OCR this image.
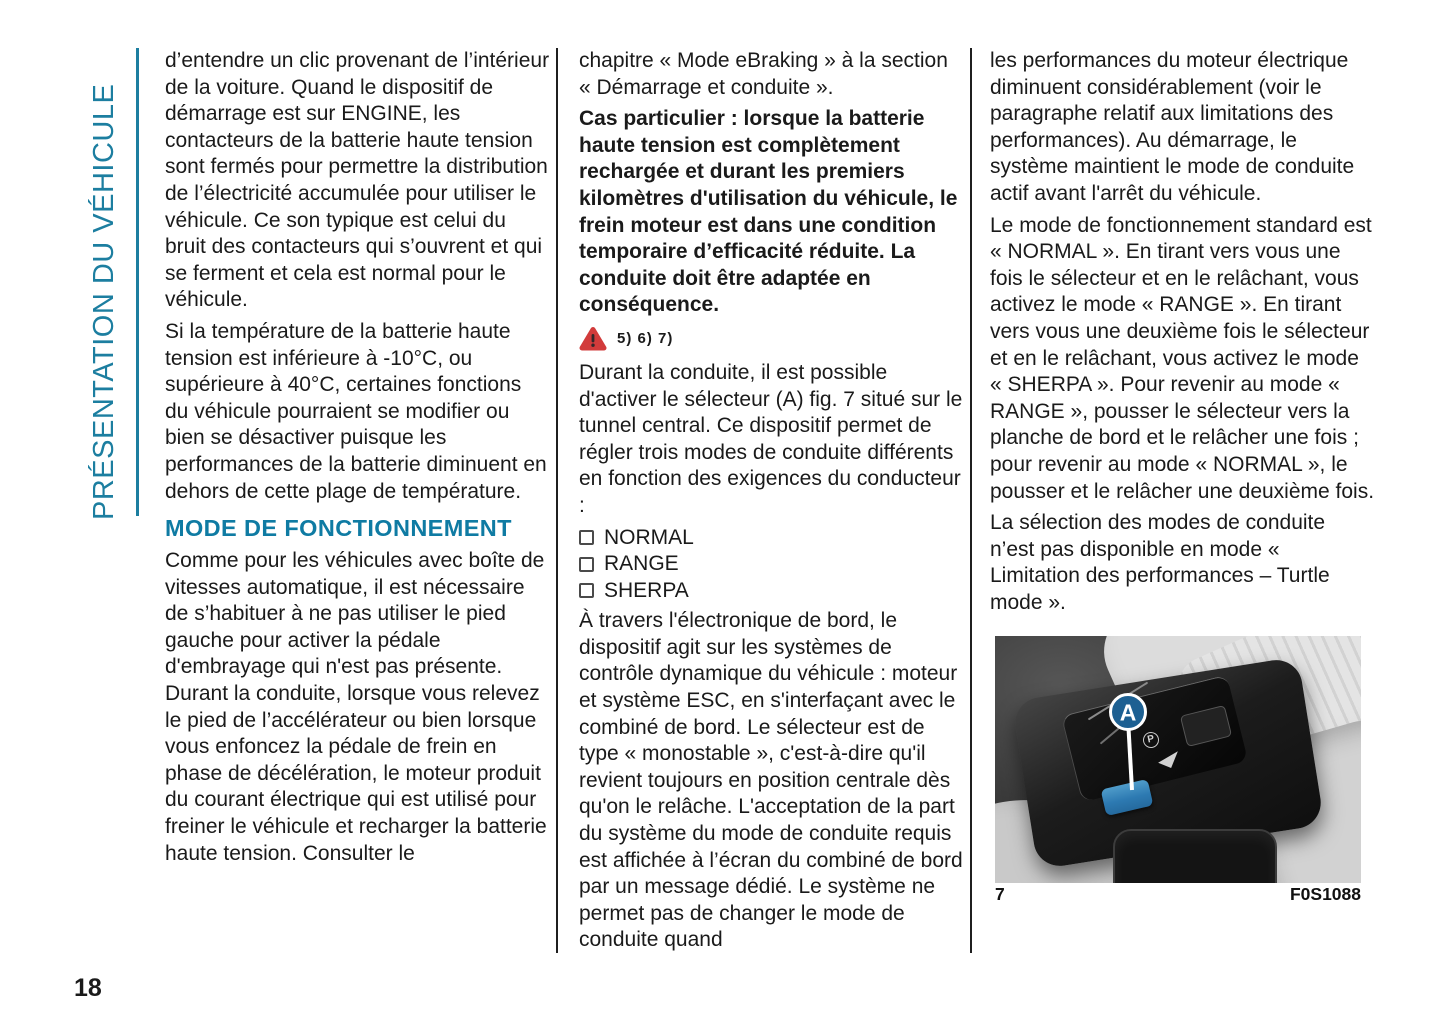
PRÉSENTATION DU VÉHICULE

d’entendre un clic provenant de l’intérieur de la voiture. Quand le dispositif de démarrage est sur ENGINE, les contacteurs de la batterie haute tension sont fermés pour permettre la distribution de l’électricité accumulée pour utiliser le véhicule. Ce son typique est celui du bruit des contacteurs qui s’ouvrent et qui se ferment et cela est normal pour le véhicule.

Si la température de la batterie haute tension est inférieure à -10°C, ou supérieure à 40°C, certaines fonctions du véhicule pourraient se modifier ou bien se désactiver puisque les performances de la batterie diminuent en dehors de cette plage de température.

MODE DE FONCTIONNEMENT

Comme pour les véhicules avec boîte de vitesses automatique, il est nécessaire de s’habituer à ne pas utiliser le pied gauche pour activer la pédale d'embrayage qui n'est pas présente. Durant la conduite, lorsque vous relevez le pied de l’accélérateur ou bien lorsque vous enfoncez la pédale de frein en phase de décélération, le moteur produit du courant électrique qui est utilisé pour freiner le véhicule et recharger la batterie haute tension. Consulter le

chapitre « Mode eBraking » à la section « Démarrage et conduite ».

Cas particulier : lorsque la batterie haute tension est complètement rechargée et durant les premiers kilomètres d'utilisation du véhicule, le frein moteur est dans une condition temporaire d’efficacité réduite. La conduite doit être adaptée en conséquence.

5) 6) 7)

Durant la conduite, il est possible d'activer le sélecteur (A) fig. 7 situé sur le tunnel central. Ce dispositif permet de régler trois modes de conduite différents en fonction des exigences du conducteur :

NORMAL
RANGE
SHERPA

À travers l'électronique de bord, le dispositif agit sur les systèmes de contrôle dynamique du véhicule : moteur et système ESC, en s'interfaçant avec le combiné de bord. Le sélecteur est de type « monostable », c'est-à-dire qu'il revient toujours en position centrale dès qu'on le relâche. L'acceptation de la part du système du mode de conduite requis est affichée à l’écran du combiné de bord par un message dédié. Le système ne permet pas de changer le mode de conduite quand

les performances du moteur électrique diminuent considérablement (voir le paragraphe relatif aux limitations des performances). Au démarrage, le système maintient le mode de conduite actif avant l'arrêt du véhicule.

Le mode de fonctionnement standard est « NORMAL ». En tirant vers vous une fois le sélecteur et en le relâchant, vous activez le mode « RANGE ». En tirant vers vous une deuxième fois le sélecteur et en le relâchant, vous activez le mode « SHERPA ». Pour revenir au mode « RANGE », pousser le sélecteur vers la planche de bord et le relâcher une fois ; pour revenir au mode « NORMAL », le pousser et le relâcher une deuxième fois.

La sélection des modes de conduite n’est pas disponible en mode « Limitation des performances – Turtle mode ».

P
A
7	F0S1088
18
